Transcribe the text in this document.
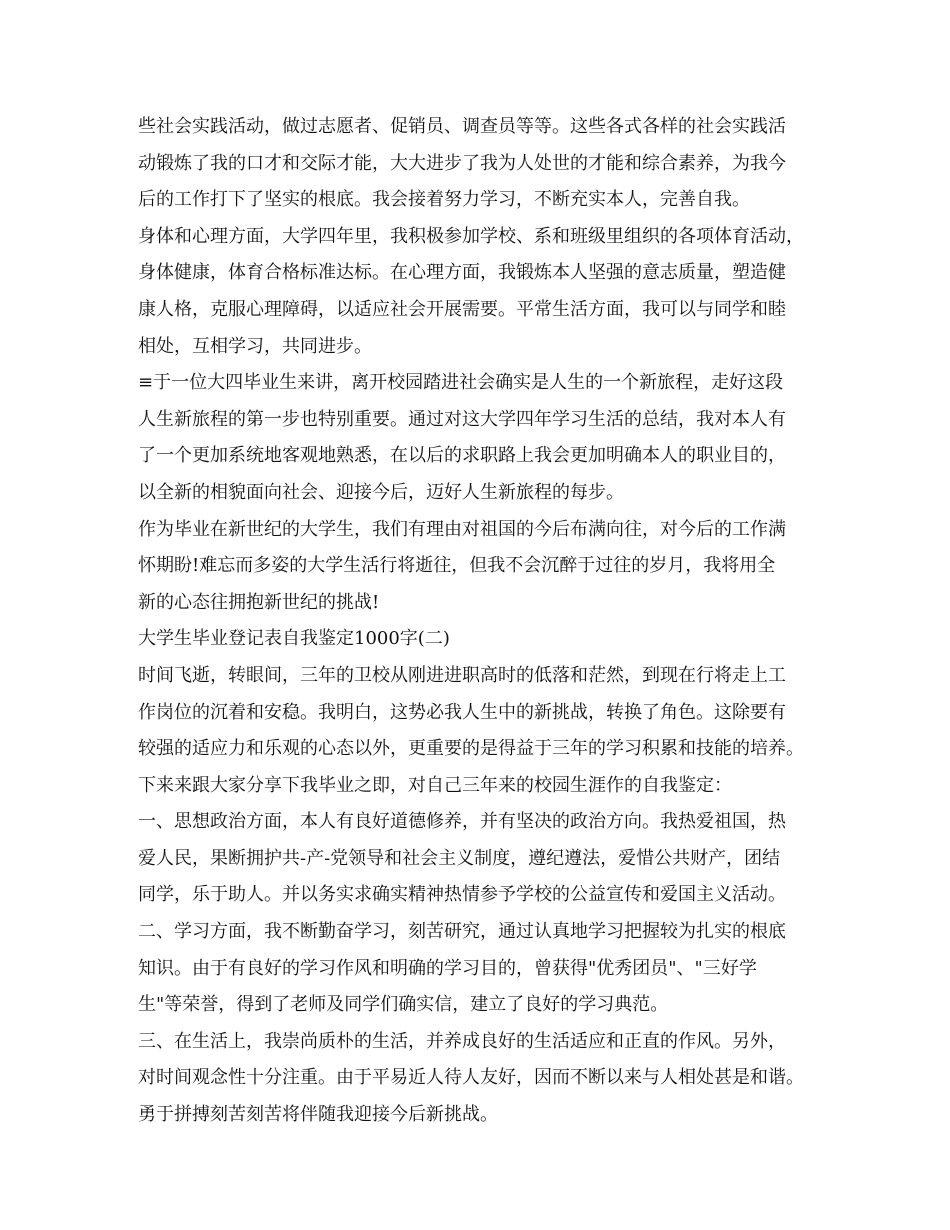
些社会实践活动，做过志愿者、促销员、调查员等等。这些各式各样的社会实践活
动锻炼了我的口才和交际才能，大大进步了我为人处世的才能和综合素养，为我今
后的工作打下了坚实的根底。我会接着努力学习，不断充实本人，完善自我。
身体和心理方面，大学四年里，我积极参加学校、系和班级里组织的各项体育活动，
身体健康，体育合格标准达标。在心理方面，我锻炼本人坚强的意志质量，塑造健
康人格，克服心理障碍，以适应社会开展需要。平常生活方面，我可以与同学和睦
相处，互相学习，共同进步。
≡于一位大四毕业生来讲，离开校园踏进社会确实是人生的一个新旅程，走好这段
人生新旅程的第一步也特别重要。通过对这大学四年学习生活的总结，我对本人有
了一个更加系统地客观地熟悉，在以后的求职路上我会更加明确本人的职业目的，
以全新的相貌面向社会、迎接今后，迈好人生新旅程的每步。
作为毕业在新世纪的大学生，我们有理由对祖国的今后布满向往，对今后的工作满
怀期盼!难忘而多姿的大学生活行将逝往，但我不会沉醉于过往的岁月，我将用全
新的心态往拥抱新世纪的挑战!
大学生毕业登记表自我鉴定1000字(二)
时间飞逝，转眼间，三年的卫校从刚进进职高时的低落和茫然，到现在行将走上工
作岗位的沉着和安稳。我明白，这势必我人生中的新挑战，转换了角色。这除要有
较强的适应力和乐观的心态以外，更重要的是得益于三年的学习积累和技能的培养。
下来来跟大家分享下我毕业之即，对自己三年来的校园生涯作的自我鉴定：
一、思想政治方面，本人有良好道德修养，并有坚决的政治方向。我热爱祖国，热
爱人民，果断拥护共-产-党领导和社会主义制度，遵纪遵法，爱惜公共财产，团结
同学，乐于助人。并以务实求确实精神热情参予学校的公益宣传和爱国主义活动。
二、学习方面，我不断勤奋学习，刻苦研究，通过认真地学习把握较为扎实的根底
知识。由于有良好的学习作风和明确的学习目的，曾获得"优秀团员"、"三好学
生"等荣誉，得到了老师及同学们确实信，建立了良好的学习典范。
三、在生活上，我崇尚质朴的生活，并养成良好的生活适应和正直的作风。另外，
对时间观念性十分注重。由于平易近人待人友好，因而不断以来与人相处甚是和谐。
勇于拼搏刻苦刻苦将伴随我迎接今后新挑战。
